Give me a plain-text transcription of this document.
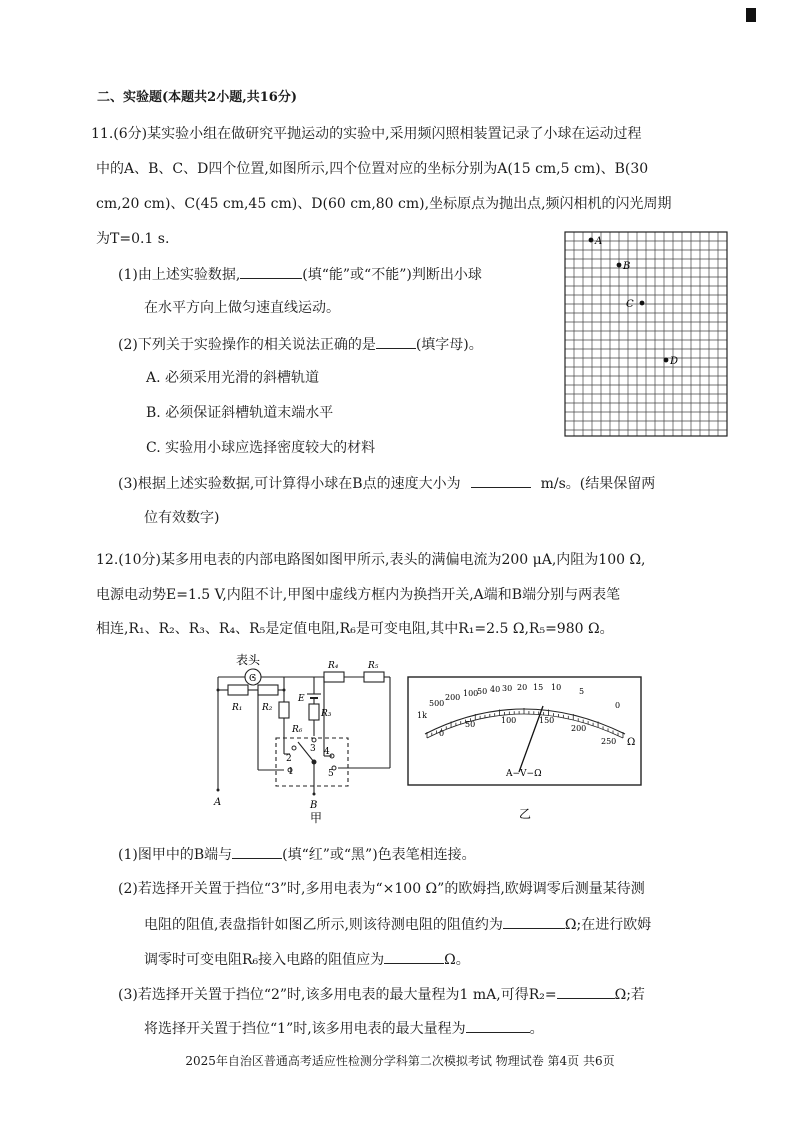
二、实验题(本题共2小题,共16分)
11.(6分)某实验小组在做研究平抛运动的实验中,采用频闪照相装置记录了小球在运动过程
中的A、B、C、D四个位置,如图所示,四个位置对应的坐标分别为A(15 cm,5 cm)、B(30
cm,20 cm)、C(45 cm,45 cm)、D(60 cm,80 cm),坐标原点为抛出点,频闪相机的闪光周期
为T=0.1 s.
(1)由上述实验数据,	(填“能”或“不能”)判断出小球
在水平方向上做匀速直线运动。
(2)下列关于实验操作的相关说法正确的是	(填字母)。
A. 必须采用光滑的斜槽轨道
B. 必须保证斜槽轨道末端水平
C. 实验用小球应选择密度较大的材料
(3)根据上述实验数据,可计算得小球在B点的速度大小为	m/s。(结果保留两
位有效数字)
A
B
C
D
12.(10分)某多用电表的内部电路图如图甲所示,表头的满偏电流为200 μA,内阻为100 Ω,
电源电动势E=1.5 V,内阻不计,甲图中虚线方框内为换挡开关,A端和B端分别与两表笔
相连,R₁、R₂、R₃、R₄、R₅是定值电阻,R₆是可变电阻,其中R₁=2.5 Ω,R₅=980 Ω。
表头
G
R₁ R₂
R₄	R₅
E
R₃
R₆
1
2
3 4
5
A	B
甲
1k
500
200 100
50 40 30 20 15 10 5
0
0
50	100	150
200
250 Ω
A−V−Ω
乙
(1)图甲中的B端与	(填“红”或“黑”)色表笔相连接。
(2)若选择开关置于挡位“3”时,多用电表为“×100 Ω”的欧姆挡,欧姆调零后测量某待测
电阻的阻值,表盘指针如图乙所示,则该待测电阻的阻值约为	Ω;在进行欧姆
调零时可变电阻R₆接入电路的阻值应为	Ω。
(3)若选择开关置于挡位“2”时,该多用电表的最大量程为1 mA,可得R₂=	Ω;若
将选择开关置于挡位“1”时,该多用电表的最大量程为	。
2025年自治区普通高考适应性检测分学科第二次模拟考试 物理试卷 第4页 共6页
